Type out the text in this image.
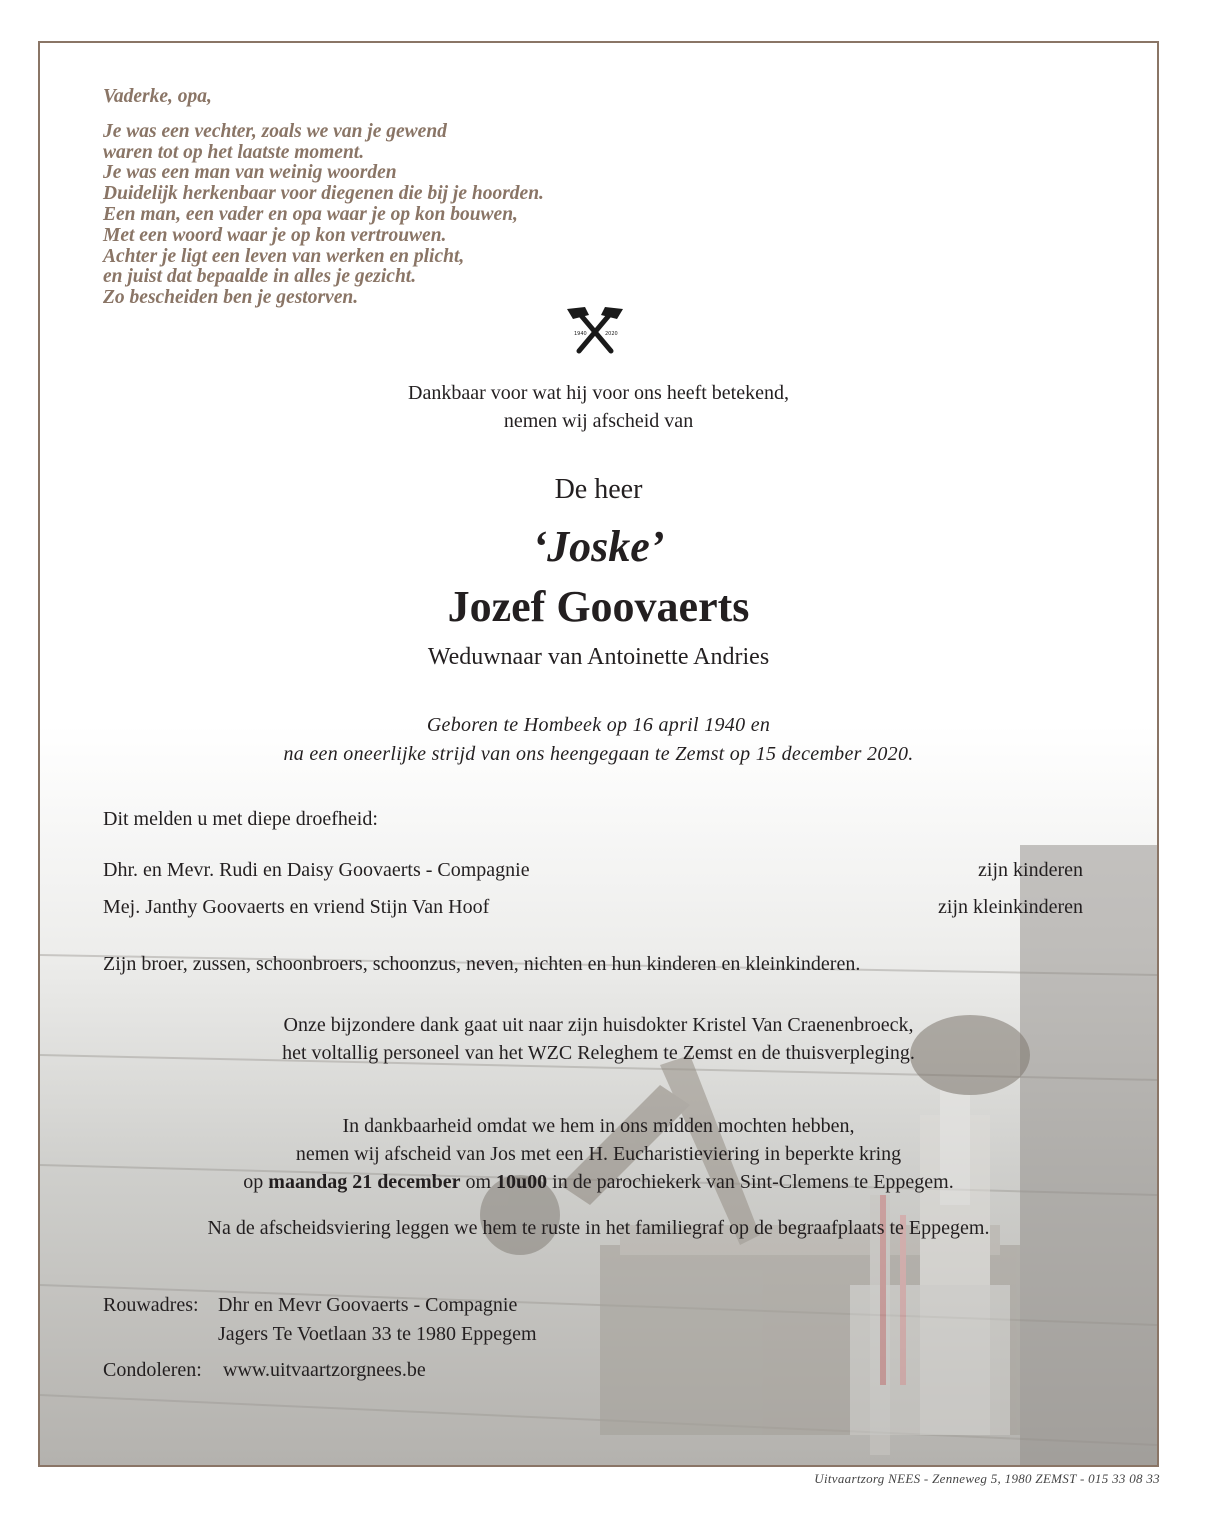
Vaderke, opa,
Je was een vechter, zoals we van je gewend
waren tot op het laatste moment.
Je was een man van weinig woorden
Duidelijk herkenbaar voor diegenen die bij je hoorden.
Een man, een vader en opa waar je op kon bouwen,
Met een woord waar je op kon vertrouwen.
Achter je ligt een leven van werken en plicht,
en juist dat bepaalde in alles je gezicht.
Zo bescheiden ben je gestorven.
1940	2020
Dankbaar voor wat hij voor ons heeft betekend,
nemen wij afscheid van
De heer
‘Joske’
Jozef Goovaerts
Weduwnaar van Antoinette Andries
Geboren te Hombeek op 16 april 1940 en
na een oneerlijke strijd van ons heengegaan te Zemst op 15 december 2020.
Dit melden u met diepe droefheid:
Dhr. en Mevr. Rudi en Daisy Goovaerts - Compagnie	zijn kinderen
Mej. Janthy Goovaerts en vriend Stijn Van Hoof	zijn kleinkinderen
Zijn broer, zussen, schoonbroers, schoonzus, neven, nichten en hun kinderen en kleinkinderen.
Onze bijzondere dank gaat uit naar zijn huisdokter Kristel Van Craenenbroeck,
het voltallig personeel van het WZC Releghem te Zemst en de thuisverpleging.
In dankbaarheid omdat we hem in ons midden mochten hebben,
nemen wij afscheid van Jos met een H. Eucharistieviering in beperkte kring
op maandag 21 december om 10u00 in de parochiekerk van Sint-Clemens te Eppegem.
Na de afscheidsviering leggen we hem te ruste in het familiegraf op de begraafplaats te Eppegem.
Rouwadres: Dhr en Mevr Goovaerts - Compagnie
Jagers Te Voetlaan 33 te 1980 Eppegem
Condoleren: www.uitvaartzorgnees.be
Uitvaartzorg NEES - Zenneweg 5, 1980 ZEMST - 015 33 08 33
